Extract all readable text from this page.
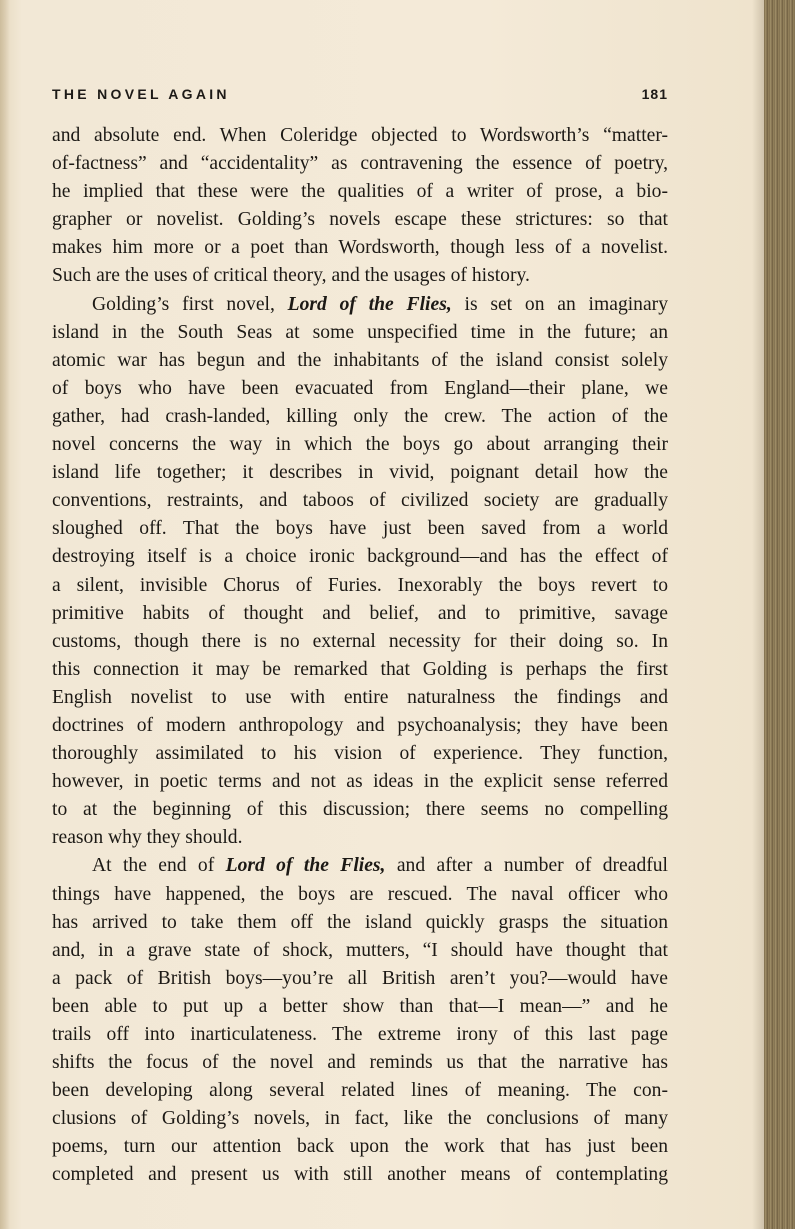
THE NOVEL AGAIN	181
and absolute end. When Coleridge objected to Wordsworth’s “matter-
of-factness” and “accidentality” as contravening the essence of poetry,
he implied that these were the qualities of a writer of prose, a bio-
grapher or novelist. Golding’s novels escape these strictures: so that
makes him more or a poet than Wordsworth, though less of a novelist.
Such are the uses of critical theory, and the usages of history.
Golding’s first novel, Lord of the Flies, is set on an imaginary
island in the South Seas at some unspecified time in the future; an
atomic war has begun and the inhabitants of the island consist solely
of boys who have been evacuated from England—their plane, we
gather, had crash-landed, killing only the crew. The action of the
novel concerns the way in which the boys go about arranging their
island life together; it describes in vivid, poignant detail how the
conventions, restraints, and taboos of civilized society are gradually
sloughed off. That the boys have just been saved from a world
destroying itself is a choice ironic background—and has the effect of
a silent, invisible Chorus of Furies. Inexorably the boys revert to
primitive habits of thought and belief, and to primitive, savage
customs, though there is no external necessity for their doing so. In
this connection it may be remarked that Golding is perhaps the first
English novelist to use with entire naturalness the findings and
doctrines of modern anthropology and psychoanalysis; they have been
thoroughly assimilated to his vision of experience. They function,
however, in poetic terms and not as ideas in the explicit sense referred
to at the beginning of this discussion; there seems no compelling
reason why they should.
At the end of Lord of the Flies, and after a number of dreadful
things have happened, the boys are rescued. The naval officer who
has arrived to take them off the island quickly grasps the situation
and, in a grave state of shock, mutters, “I should have thought that
a pack of British boys—you’re all British aren’t you?—would have
been able to put up a better show than that—I mean—” and he
trails off into inarticulateness. The extreme irony of this last page
shifts the focus of the novel and reminds us that the narrative has
been developing along several related lines of meaning. The con-
clusions of Golding’s novels, in fact, like the conclusions of many
poems, turn our attention back upon the work that has just been
completed and present us with still another means of contemplating
